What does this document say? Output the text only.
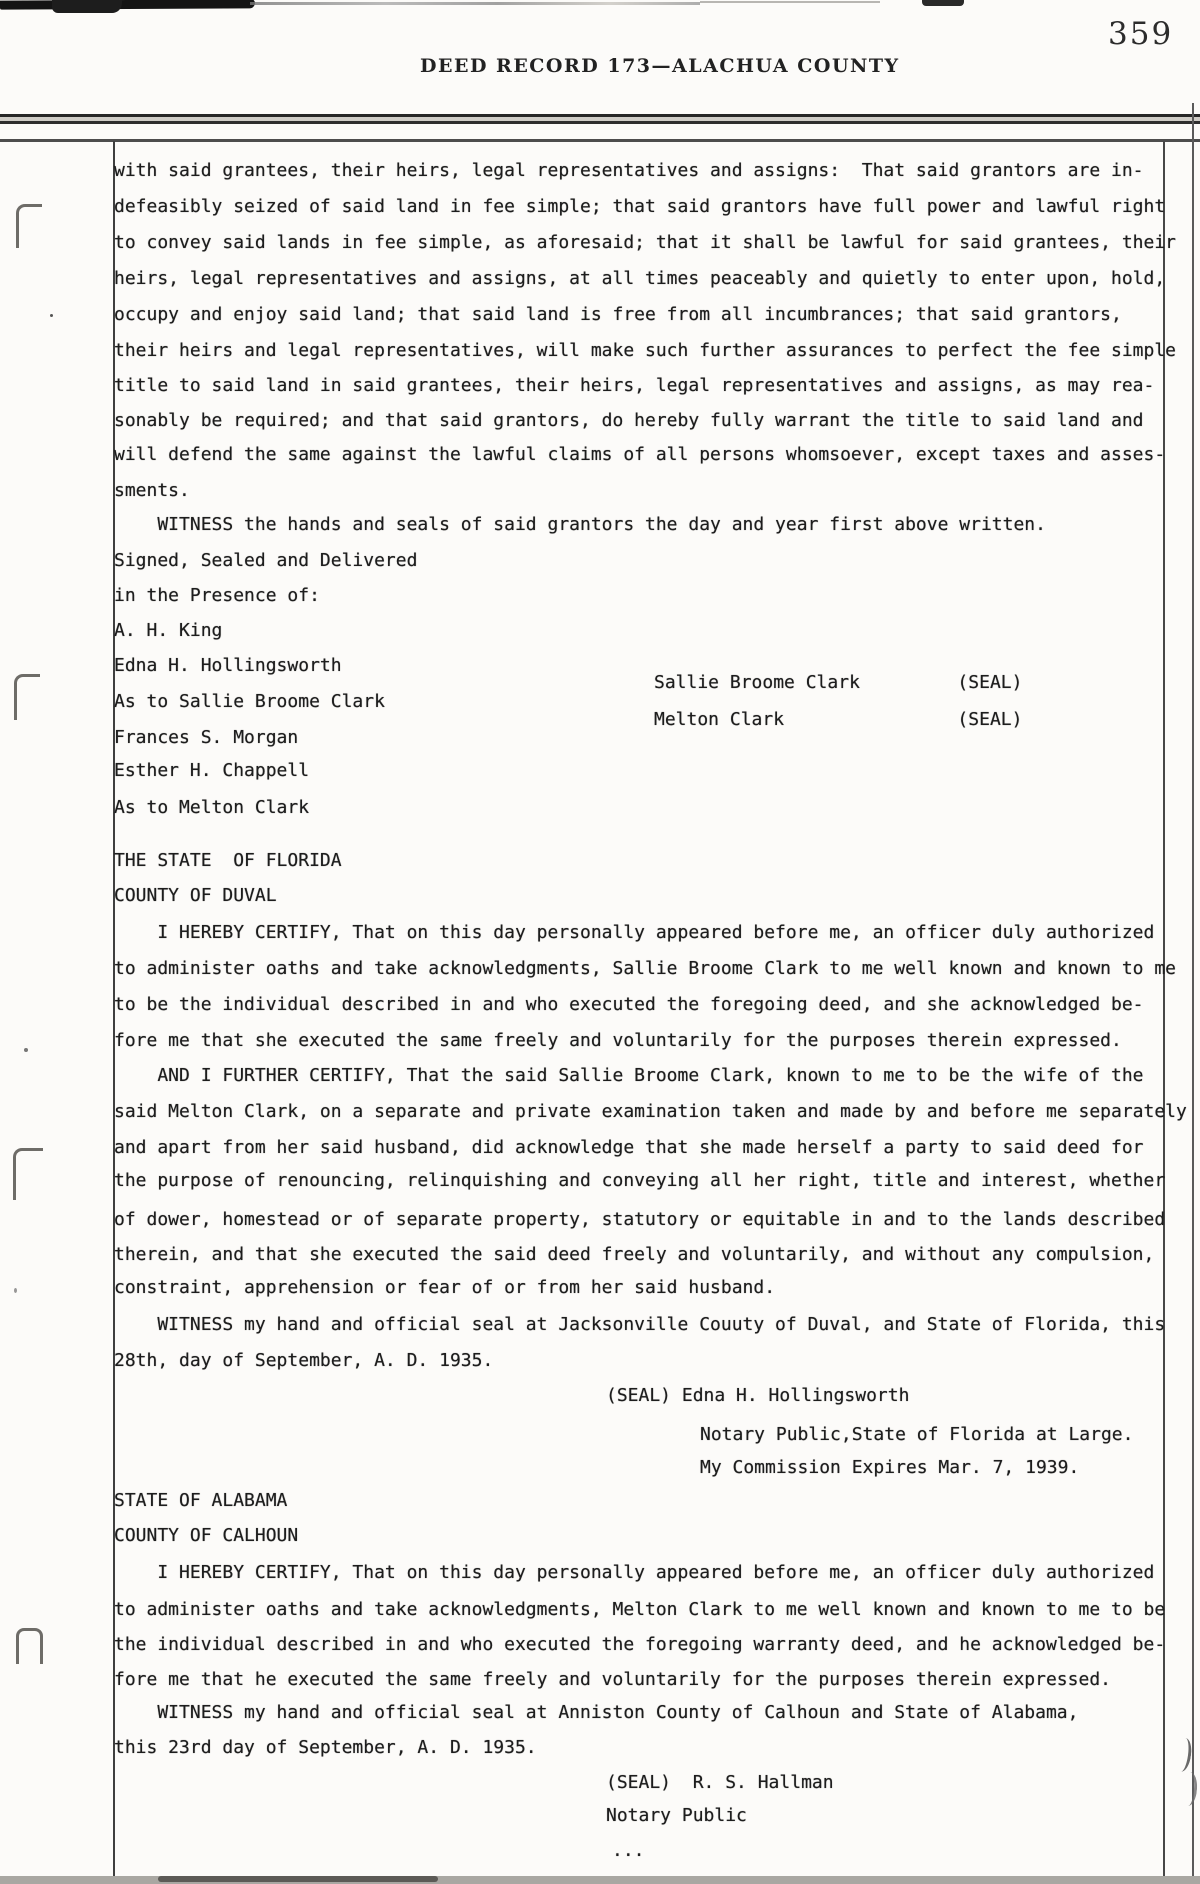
359
DEED RECORD 173—ALACHUA COUNTY
with said grantees, their heirs, legal representatives and assigns:  That said grantors are in-
defeasibly seized of said land in fee simple; that said grantors have full power and lawful right
to convey said lands in fee simple, as aforesaid; that it shall be lawful for said grantees, their
heirs, legal representatives and assigns, at all times peaceably and quietly to enter upon, hold,
occupy and enjoy said land; that said land is free from all incumbrances; that said grantors,
their heirs and legal representatives, will make such further assurances to perfect the fee simple
title to said land in said grantees, their heirs, legal representatives and assigns, as may rea-
sonably be required; and that said grantors, do hereby fully warrant the title to said land and
will defend the same against the lawful claims of all persons whomsoever, except taxes and asses-
sments.
WITNESS the hands and seals of said grantors the day and year first above written.
Signed, Sealed and Delivered
in the Presence of:
A. H. King
Edna H. Hollingsworth
Sallie Broome Clark         (SEAL)
As to Sallie Broome Clark
Melton Clark                (SEAL)
Frances S. Morgan
Esther H. Chappell
As to Melton Clark
THE STATE  OF FLORIDA
COUNTY OF DUVAL
I HEREBY CERTIFY, That on this day personally appeared before me, an officer duly authorized
to administer oaths and take acknowledgments, Sallie Broome Clark to me well known and known to me
to be the individual described in and who executed the foregoing deed, and she acknowledged be-
fore me that she executed the same freely and voluntarily for the purposes therein expressed.
AND I FURTHER CERTIFY, That the said Sallie Broome Clark, known to me to be the wife of the
said Melton Clark, on a separate and private examination taken and made by and before me separately
and apart from her said husband, did acknowledge that she made herself a party to said deed for
the purpose of renouncing, relinquishing and conveying all her right, title and interest, whether
of dower, homestead or of separate property, statutory or equitable in and to the lands described
therein, and that she executed the said deed freely and voluntarily, and without any compulsion,
constraint, apprehension or fear of or from her said husband.
WITNESS my hand and official seal at Jacksonville Couuty of Duval, and State of Florida, this
28th, day of September, A. D. 1935.
(SEAL) Edna H. Hollingsworth
Notary Public,State of Florida at Large.
My Commission Expires Mar. 7, 1939.
STATE OF ALABAMA
COUNTY OF CALHOUN
I HEREBY CERTIFY, That on this day personally appeared before me, an officer duly authorized
to administer oaths and take acknowledgments, Melton Clark to me well known and known to me to be
the individual described in and who executed the foregoing warranty deed, and he acknowledged be-
fore me that he executed the same freely and voluntarily for the purposes therein expressed.
WITNESS my hand and official seal at Anniston County of Calhoun and State of Alabama,
this 23rd day of September, A. D. 1935.
(SEAL)  R. S. Hallman
Notary Public
...
